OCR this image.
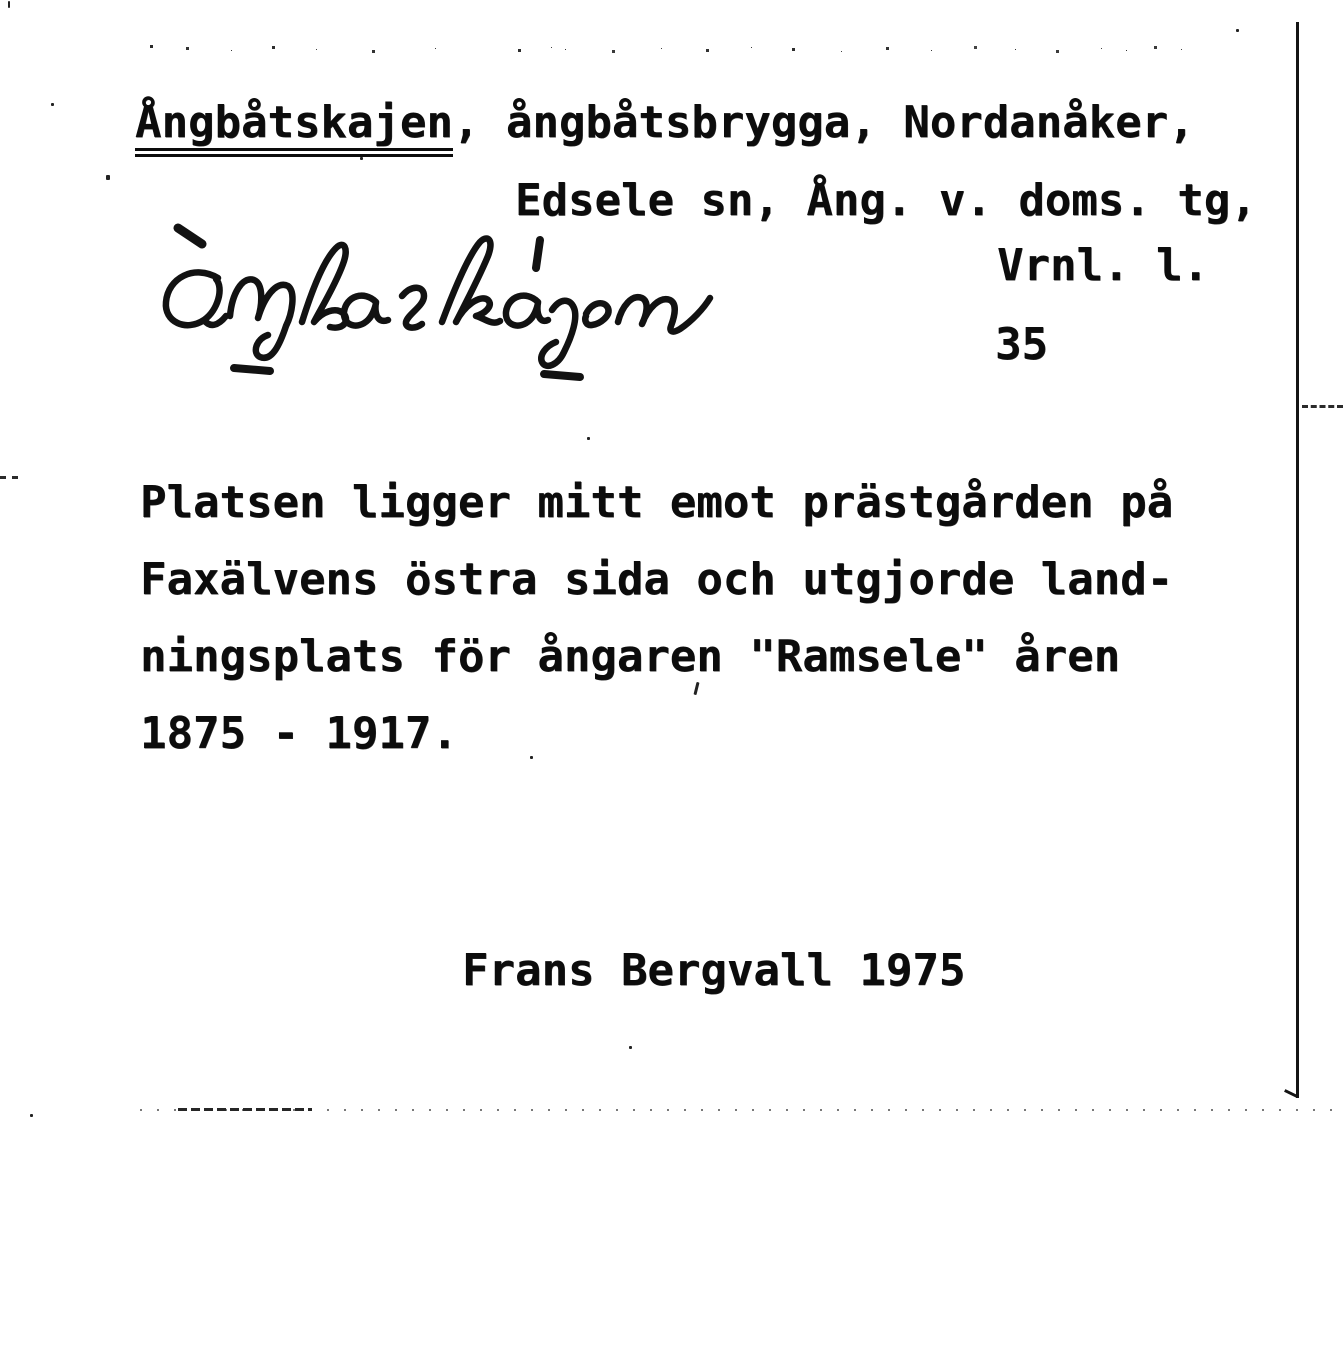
Ångbåtskajen, ångbåtsbrygga, Nordanåker,
Edsele sn, Ång. v. doms. tg,
Vrnl. l.
35
Platsen ligger mitt emot prästgården på
Faxälvens östra sida och utgjorde land-
ningsplats för ångaren "Ramsele" åren
1875 - 1917.
Frans Bergvall 1975
